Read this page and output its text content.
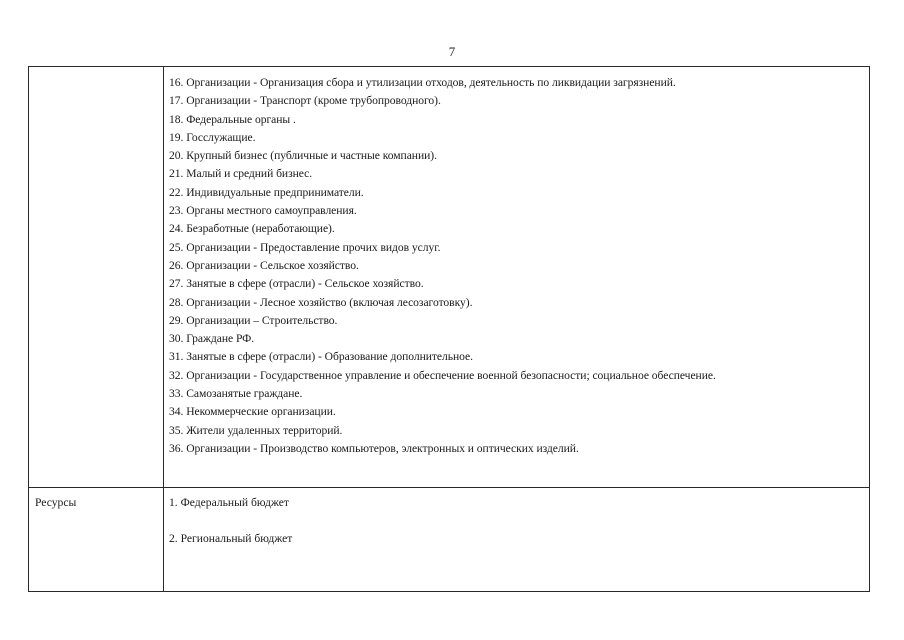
7
16. Организации - Организация сбора и утилизации отходов, деятельность по ликвидации загрязнений.
17. Организации - Транспорт (кроме трубопроводного).
18. Федеральные органы .
19. Госслужащие.
20. Крупный бизнес (публичные и частные компании).
21. Малый и средний бизнес.
22. Индивидуальные предприниматели.
23. Органы местного самоуправления.
24. Безработные (неработающие).
25. Организации - Предоставление прочих видов услуг.
26. Организации - Сельское хозяйство.
27. Занятые в сфере (отрасли) - Сельское хозяйство.
28. Организации - Лесное хозяйство (включая лесозаготовку).
29. Организации – Строительство.
30. Граждане РФ.
31. Занятые в сфере (отрасли) - Образование дополнительное.
32. Организации - Государственное управление и обеспечение военной безопасности; социальное обеспечение.
33. Самозанятые граждане.
34. Некоммерческие организации.
35. Жители удаленных территорий.
36. Организации - Производство компьютеров, электронных и оптических изделий.
Ресурсы	1. Федеральный бюджет
2. Региональный бюджет
